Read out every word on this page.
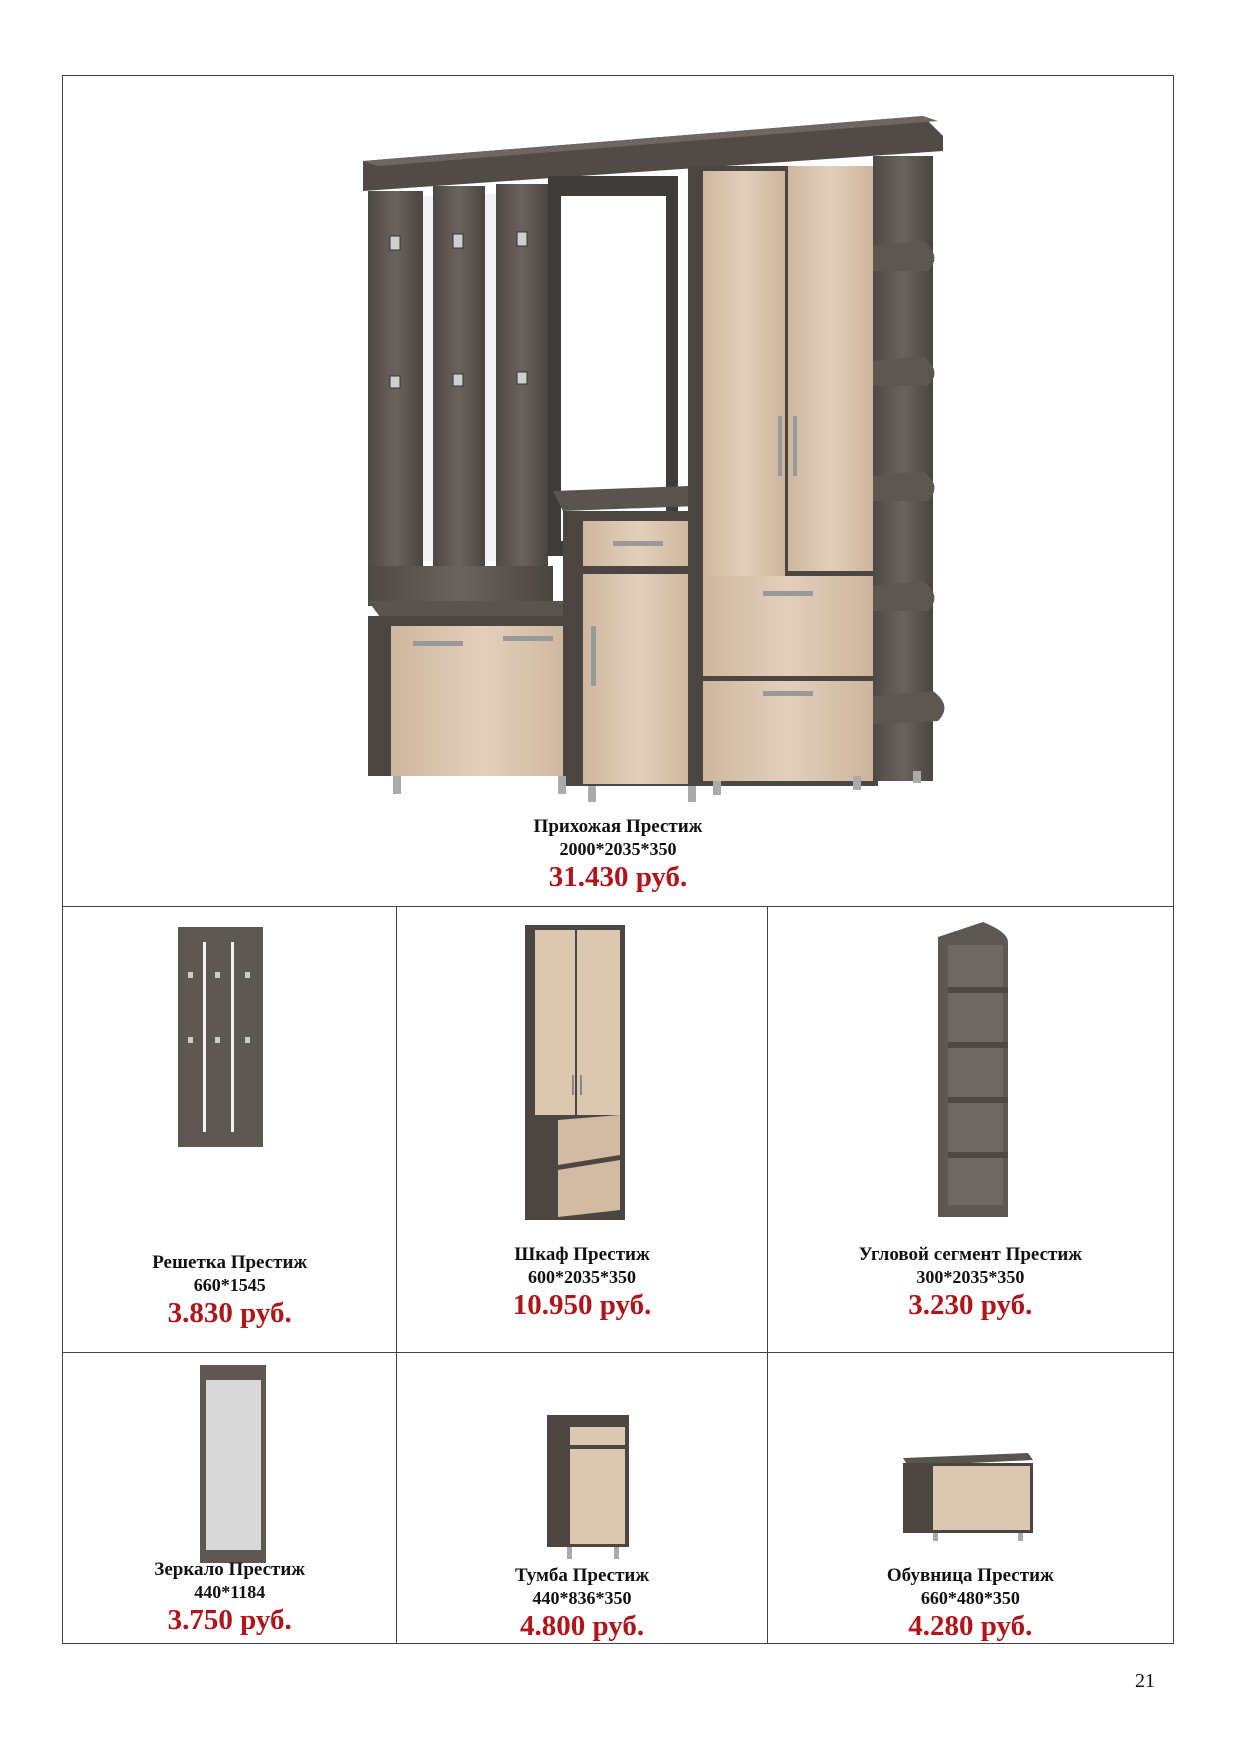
Прихожая Престиж
2000*2035*350
31.430 руб.		

Решетка Престиж
660*1545
3.830 руб.	Шкаф Престиж
600*2035*350
10.950 руб.	Угловой сегмент Престиж
300*2035*350
3.230 руб.

Зеркало Престиж
440*1184
3.750 руб.	Тумба Престиж
440*836*350
4.800 руб.	Обувница Престиж
660*480*350
4.280 руб.
21
